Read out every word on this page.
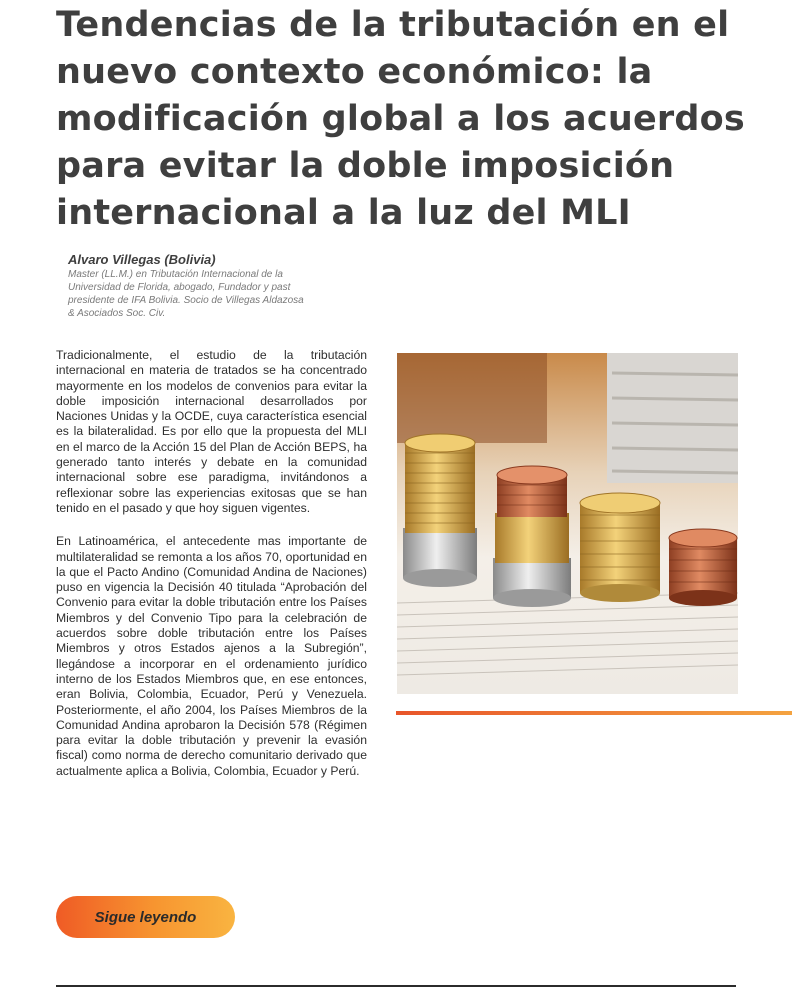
Tendencias de la tributación en el
nuevo contexto económico: la
modificación global a los acuerdos
para evitar la doble imposición
internacional a la luz del MLI

Alvaro Villegas (Bolivia)

Master (LL.M.) en Tributación Internacional de la
Universidad de Florida, abogado, Fundador y past
presidente de IFA Bolivia. Socio de Villegas Aldazosa
& Asociados Soc. Civ.

Tradicionalmente, el estudio de la tributación internacional en materia de tratados se ha concentrado mayormente en los modelos de convenios para evitar la doble imposición internacional desarrollados por Naciones Unidas y la OCDE, cuya característica esencial es la bilateralidad. Es por ello que la propuesta del MLI en el marco de la Acción 15 del Plan de Acción BEPS, ha generado tanto interés y debate en la comunidad internacional sobre ese paradigma, invitándonos a reflexionar sobre las experiencias exitosas que se han tenido en el pasado y que hoy siguen vigentes.

En Latinoamérica, el antecedente mas importante de multilateralidad se remonta a los años 70, oportunidad en la que el Pacto Andino (Comunidad Andina de Naciones) puso en vigencia la Decisión 40 titulada “Aprobación del Convenio para evitar la doble tributación entre los Países Miembros y del Convenio Tipo para la celebración de acuerdos sobre doble tributación entre los Países Miembros y otros Estados ajenos a la Subregión”, llegándose a incorporar en el ordenamiento jurídico interno de los Estados Miembros que, en ese entonces, eran Bolivia, Colombia, Ecuador, Perú y Venezuela. Posteriormente, el año 2004, los Países Miembros de la Comunidad Andina aprobaron la Decisión 578 (Régimen para evitar la doble tributación y prevenir la evasión fiscal) como norma de derecho comunitario derivado que actualmente aplica a Bolivia, Colombia, Ecuador y Perú.

Sigue leyendo
